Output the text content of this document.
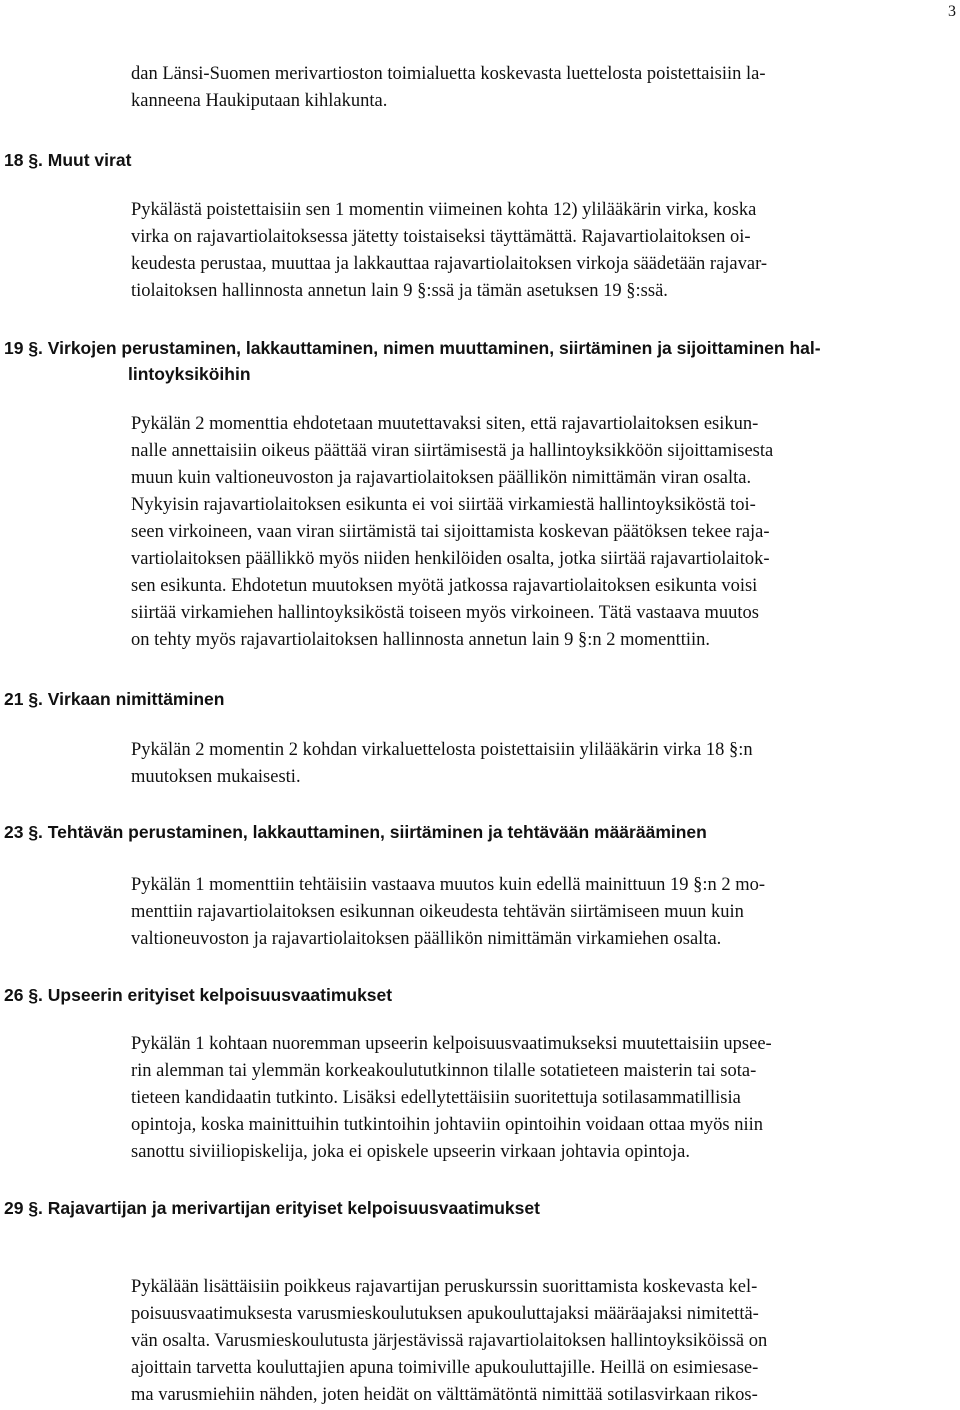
3

dan Länsi-Suomen merivartioston toimialuetta koskevasta luettelosta poistettaisiin la-
kanneena Haukiputaan kihlakunta.

18 §. Muut virat

Pykälästä poistettaisiin sen 1 momentin viimeinen kohta 12) ylilääkärin virka, koska
virka on rajavartiolaitoksessa jätetty toistaiseksi täyttämättä. Rajavartiolaitoksen oi-
keudesta perustaa, muuttaa ja lakkauttaa rajavartiolaitoksen virkoja säädetään rajavar-
tiolaitoksen hallinnosta annetun lain 9 §:ssä ja tämän asetuksen 19 §:ssä.

19 §. Virkojen perustaminen, lakkauttaminen, nimen muuttaminen, siirtäminen ja sijoittaminen hal-
lintoyksiköihin

Pykälän 2 momenttia ehdotetaan muutettavaksi siten, että rajavartiolaitoksen esikun-
nalle annettaisiin oikeus päättää viran siirtämisestä ja hallintoyksikköön sijoittamisesta
muun kuin valtioneuvoston ja rajavartiolaitoksen päällikön nimittämän viran osalta.
Nykyisin rajavartiolaitoksen esikunta ei voi siirtää virkamiestä hallintoyksiköstä toi-
seen virkoineen, vaan viran siirtämistä tai sijoittamista koskevan päätöksen tekee raja-
vartiolaitoksen päällikkö myös niiden henkilöiden osalta, jotka siirtää rajavartiolaitok-
sen esikunta. Ehdotetun muutoksen myötä jatkossa rajavartiolaitoksen esikunta voisi
siirtää virkamiehen hallintoyksiköstä toiseen myös virkoineen. Tätä vastaava muutos
on tehty myös rajavartiolaitoksen hallinnosta annetun lain 9 §:n 2 momenttiin.

21 §. Virkaan nimittäminen

Pykälän 2 momentin 2 kohdan virkaluettelosta poistettaisiin ylilääkärin virka 18 §:n
muutoksen mukaisesti.

23 §. Tehtävän perustaminen, lakkauttaminen, siirtäminen ja tehtävään määrääminen

Pykälän 1 momenttiin tehtäisiin vastaava muutos kuin edellä mainittuun 19 §:n 2 mo-
menttiin rajavartiolaitoksen esikunnan oikeudesta tehtävän siirtämiseen muun kuin
valtioneuvoston ja rajavartiolaitoksen päällikön nimittämän virkamiehen osalta.

26 §. Upseerin erityiset kelpoisuusvaatimukset

Pykälän 1 kohtaan nuoremman upseerin kelpoisuusvaatimukseksi muutettaisiin upsee-
rin alemman tai ylemmän korkeakoulututkinnon tilalle sotatieteen maisterin tai sota-
tieteen kandidaatin tutkinto. Lisäksi edellytettäisiin suoritettuja sotilasammatillisia
opintoja, koska mainittuihin tutkintoihin johtaviin opintoihin voidaan ottaa myös niin
sanottu siviiliopiskelija, joka ei opiskele upseerin virkaan johtavia opintoja.

29 §. Rajavartijan ja merivartijan erityiset kelpoisuusvaatimukset

Pykälään lisättäisiin poikkeus rajavartijan peruskurssin suorittamista koskevasta kel-
poisuusvaatimuksesta varusmieskoulutuksen apukouluttajaksi määräajaksi nimitettä-
vän osalta. Varusmieskoulutusta järjestävissä rajavartiolaitoksen hallintoyksiköissä on
ajoittain tarvetta kouluttajien apuna toimiville apukouluttajille. Heillä on esimiesase-
ma varusmiehiin nähden, joten heidät on välttämätöntä nimittää sotilasvirkaan rikos-
